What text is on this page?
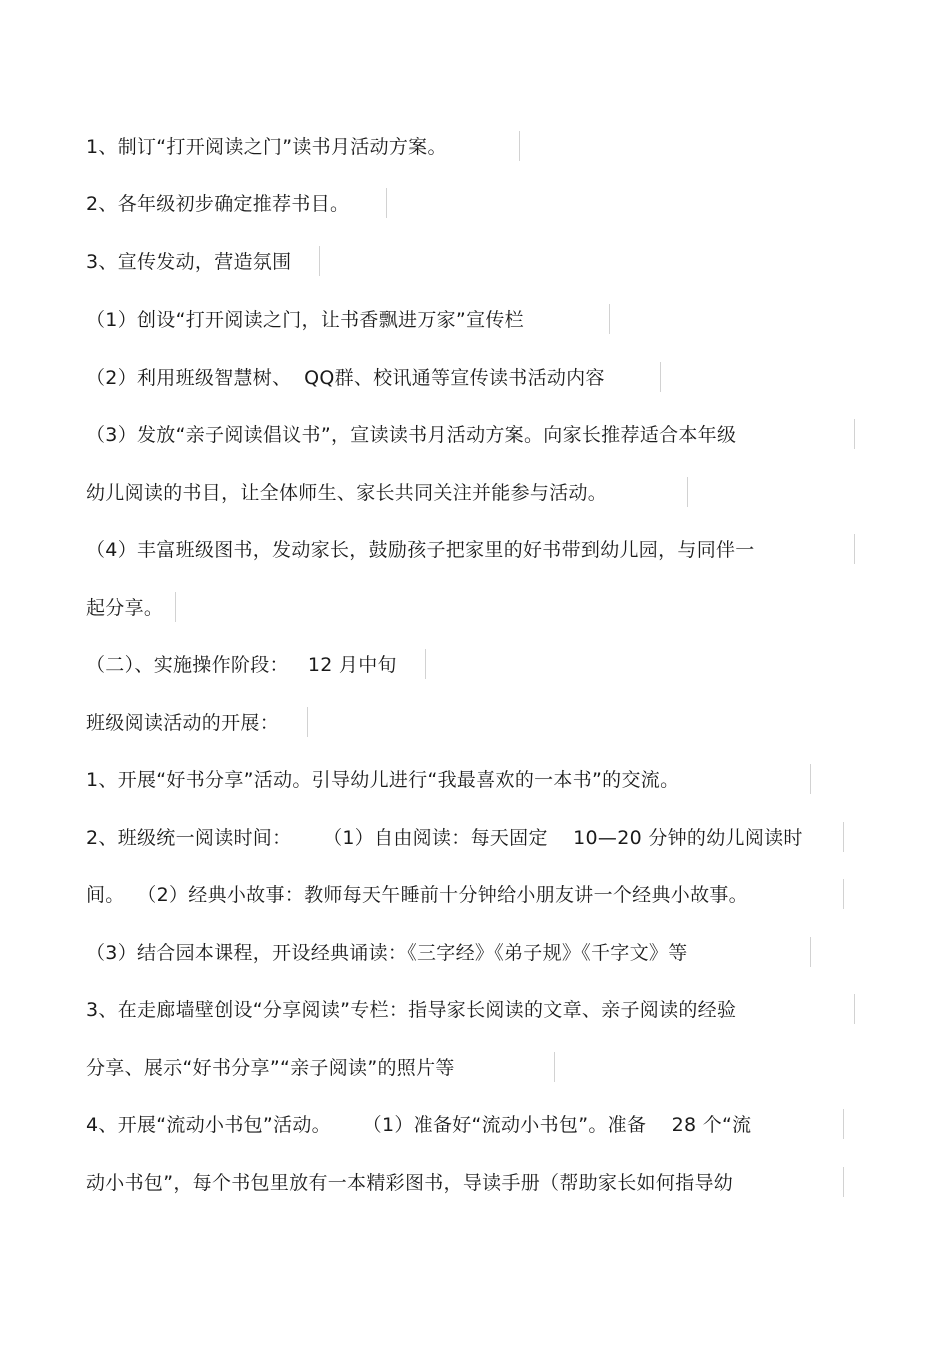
1、制订“打开阅读之门”读书月活动方案。
2、各年级初步确定推荐书目。
3、宣传发动，营造氛围
（1）创设“打开阅读之门，让书香飘进万家”宣传栏
（2）利用班级智慧树、  QQ群、校讯通等宣传读书活动内容
（3）发放“亲子阅读倡议书”，宣读读书月活动方案。向家长推荐适合本年级
幼儿阅读的书目，让全体师生、家长共同关注并能参与活动。
（4）丰富班级图书，发动家长，鼓励孩子把家里的好书带到幼儿园，与同伴一
起分享。
（二）、实施操作阶段：   12 月中旬
班级阅读活动的开展：
1、开展“好书分享”活动。引导幼儿进行“我最喜欢的一本书”的交流。
2、班级统一阅读时间：     （1）自由阅读：每天固定    10—20 分钟的幼儿阅读时
间。  （2）经典小故事：教师每天午睡前十分钟给小朋友讲一个经典小故事。
（3）结合园本课程，开设经典诵读：《三字经》《弟子规》《千字文》等
3、在走廊墙壁创设“分享阅读”专栏：指导家长阅读的文章、亲子阅读的经验
分享、展示“好书分享”“亲子阅读”的照片等
4、开展“流动小书包”活动。     （1）准备好“流动小书包”。准备    28 个“流
动小书包”，每个书包里放有一本精彩图书，导读手册（帮助家长如何指导幼
